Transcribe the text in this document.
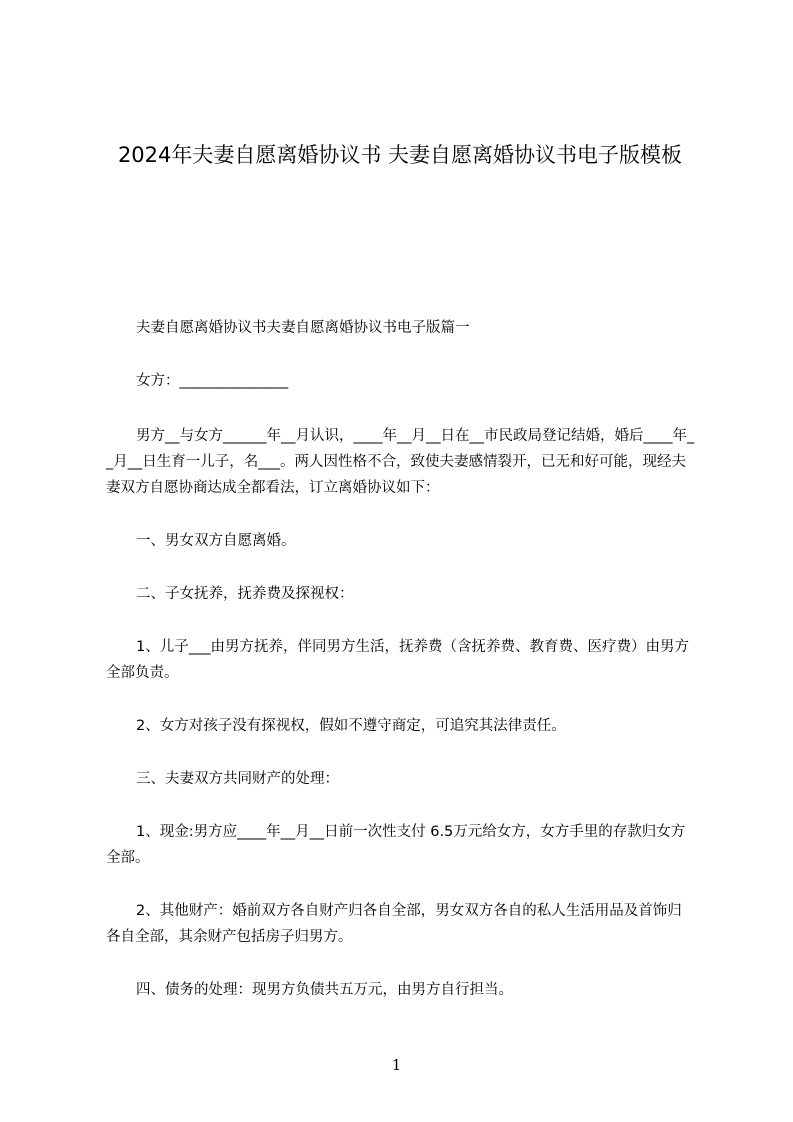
2024年夫妻自愿离婚协议书 夫妻自愿离婚协议书电子版模板

夫妻自愿离婚协议书夫妻自愿离婚协议书电子版篇一

女方：_______________

男方__与女方______年__月认识，____年__月__日在__市民政局登记结婚，婚后____年__月__日生育一儿子，名___。两人因性格不合，致使夫妻感情裂开，已无和好可能，现经夫妻双方自愿协商达成全都看法，订立离婚协议如下：

一、男女双方自愿离婚。

二、子女抚养，抚养费及探视权：

1、儿子___由男方抚养，伴同男方生活，抚养费（含抚养费、教育费、医疗费）由男方全部负责。

2、女方对孩子没有探视权，假如不遵守商定，可追究其法律责任。

三、夫妻双方共同财产的处理：

1、现金:男方应____年__月__日前一次性支付 6.5万元给女方，女方手里的存款归女方全部。

2、其他财产：婚前双方各自财产归各自全部，男女双方各自的私人生活用品及首饰归各自全部，其余财产包括房子归男方。

四、债务的处理：现男方负债共五万元，由男方自行担当。

1
